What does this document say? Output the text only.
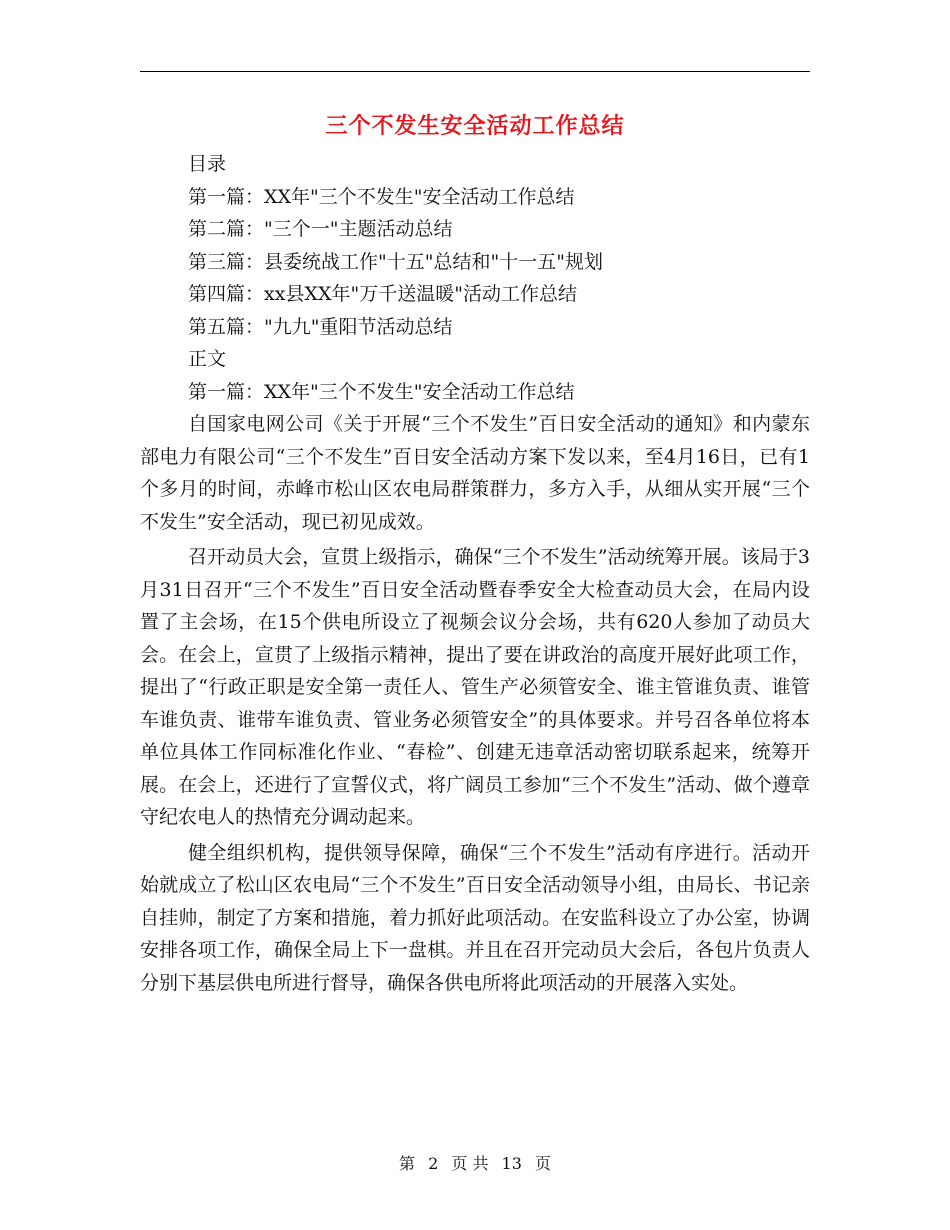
三个不发生安全活动工作总结
目录
第一篇：XX年"三个不发生"安全活动工作总结
第二篇："三个一"主题活动总结
第三篇：县委统战工作"十五"总结和"十一五"规划
第四篇：xx县XX年"万千送温暖"活动工作总结
第五篇："九九"重阳节活动总结
正文
第一篇：XX年"三个不发生"安全活动工作总结

自国家电网公司《关于开展“三个不发生”百日安全活动的通知》和内蒙东部电力有限公司“三个不发生”百日安全活动方案下发以来，至4月16日，已有1 个多月的时间，赤峰市松山区农电局群策群力，多方入手，从细从实开展“三个不发生”安全活动，现已初见成效。

召开动员大会，宣贯上级指示，确保“三个不发生”活动统筹开展。该局于3月31日召开“三个不发生”百日安全活动暨春季安全大检查动员大会，在局内设置了主会场，在15个供电所设立了视频会议分会场，共有620人参加了动员大会。在会上，宣贯了上级指示精神，提出了要在讲政治的高度开展好此项工作，提出了“行政正职是安全第一责任人、管生产必须管安全、谁主管谁负责、谁管车谁负责、谁带车谁负责、管业务必须管安全”的具体要求。并号召各单位将本单位具体工作同标准化作业、“春检”、创建无违章活动密切联系起来，统筹开展。在会上，还进行了宣誓仪式，将广阔员工参加“三个不发生”活动、做个遵章守纪农电人的热情充分调动起来。

健全组织机构，提供领导保障，确保“三个不发生”活动有序进行。活动开始就成立了松山区农电局“三个不发生”百日安全活动领导小组，由局长、书记亲自挂帅，制定了方案和措施，着力抓好此项活动。在安监科设立了办公室，协调安排各项工作，确保全局上下一盘棋。并且在召开完动员大会后，各包片负责人分别下基层供电所进行督导，确保各供电所将此项活动的开展落入实处。

第 2 页 共 13 页
